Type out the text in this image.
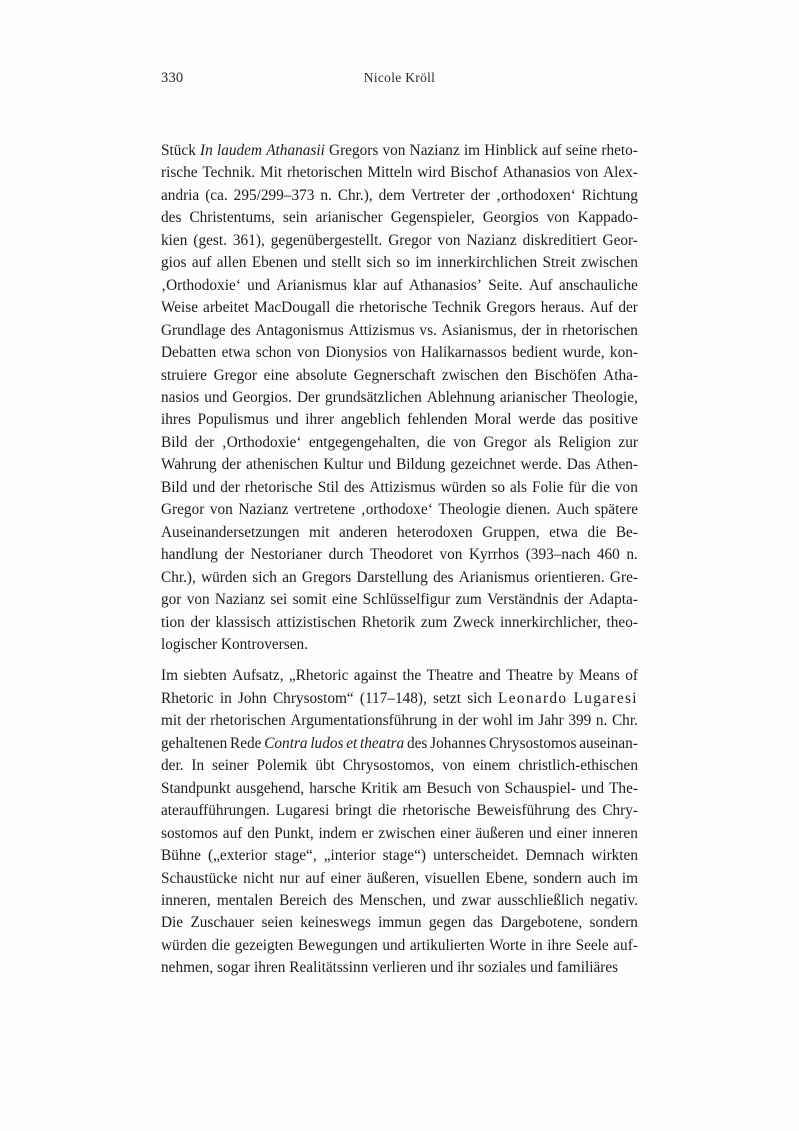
330	Nicole Kröll

Stück In laudem Athanasii Gregors von Nazianz im Hinblick auf seine rheto-
rische Technik. Mit rhetorischen Mitteln wird Bischof Athanasios von Alex-
andria (ca. 295/299–373 n. Chr.), dem Vertreter der ‚orthodoxen‘ Richtung
des Christentums, sein arianischer Gegenspieler, Georgios von Kappado-
kien (gest. 361), gegenübergestellt. Gregor von Nazianz diskreditiert Geor-
gios auf allen Ebenen und stellt sich so im innerkirchlichen Streit zwischen
‚Orthodoxie‘ und Arianismus klar auf Athanasios’ Seite. Auf anschauliche
Weise arbeitet MacDougall die rhetorische Technik Gregors heraus. Auf der
Grundlage des Antagonismus Attizismus vs. Asianismus, der in rhetorischen
Debatten etwa schon von Dionysios von Halikarnassos bedient wurde, kon-
struiere Gregor eine absolute Gegnerschaft zwischen den Bischöfen Atha-
nasios und Georgios. Der grundsätzlichen Ablehnung arianischer Theologie,
ihres Populismus und ihrer angeblich fehlenden Moral werde das positive
Bild der ‚Orthodoxie‘ entgegengehalten, die von Gregor als Religion zur
Wahrung der athenischen Kultur und Bildung gezeichnet werde. Das Athen-
Bild und der rhetorische Stil des Attizismus würden so als Folie für die von
Gregor von Nazianz vertretene ‚orthodoxe‘ Theologie dienen. Auch spätere
Auseinandersetzungen mit anderen heterodoxen Gruppen, etwa die Be-
handlung der Nestorianer durch Theodoret von Kyrrhos (393–nach 460 n.
Chr.), würden sich an Gregors Darstellung des Arianismus orientieren. Gre-
gor von Nazianz sei somit eine Schlüsselfigur zum Verständnis der Adapta-
tion der klassisch attizistischen Rhetorik zum Zweck innerkirchlicher, theo-
logischer Kontroversen.

Im siebten Aufsatz, „Rhetoric against the Theatre and Theatre by Means of
Rhetoric in John Chrysostom“ (117–148), setzt sich Leonardo Lugaresi
mit der rhetorischen Argumentationsführung in der wohl im Jahr 399 n. Chr.
gehaltenen Rede Contra ludos et theatra des Johannes Chrysostomos auseinan-
der. In seiner Polemik übt Chrysostomos, von einem christlich-ethischen
Standpunkt ausgehend, harsche Kritik am Besuch von Schauspiel- und The-
ateraufführungen. Lugaresi bringt die rhetorische Beweisführung des Chry-
sostomos auf den Punkt, indem er zwischen einer äußeren und einer inneren
Bühne („exterior stage“, „interior stage“) unterscheidet. Demnach wirkten
Schaustücke nicht nur auf einer äußeren, visuellen Ebene, sondern auch im
inneren, mentalen Bereich des Menschen, und zwar ausschließlich negativ.
Die Zuschauer seien keineswegs immun gegen das Dargebotene, sondern
würden die gezeigten Bewegungen und artikulierten Worte in ihre Seele auf-
nehmen, sogar ihren Realitätssinn verlieren und ihr soziales und familiäres
